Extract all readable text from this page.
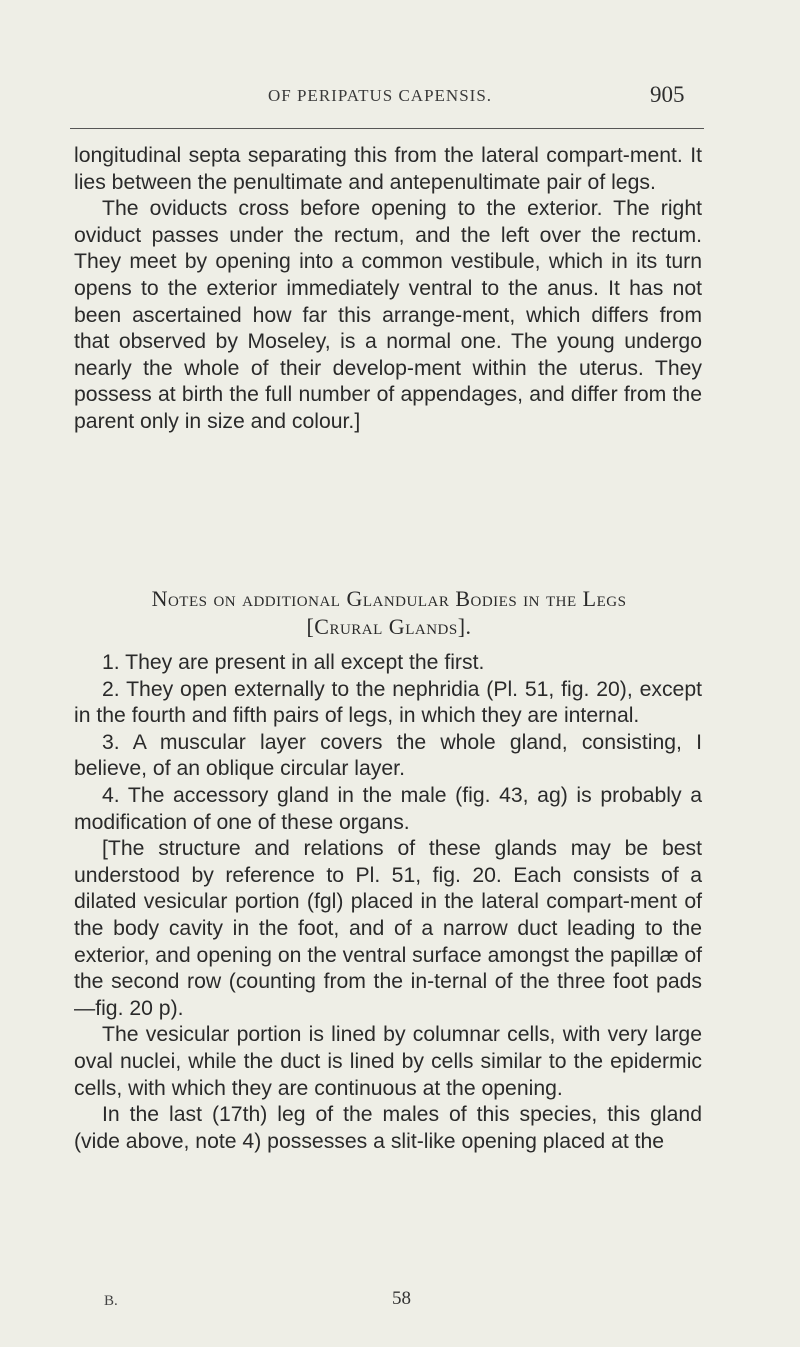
OF PERIPATUS CAPENSIS.	905

longitudinal septa separating this from the lateral compart-ment. It lies between the penultimate and antepenultimate pair of legs.

The oviducts cross before opening to the exterior. The right oviduct passes under the rectum, and the left over the rectum. They meet by opening into a common vestibule, which in its turn opens to the exterior immediately ventral to the anus. It has not been ascertained how far this arrange-ment, which differs from that observed by Moseley, is a normal one. The young undergo nearly the whole of their develop-ment within the uterus. They possess at birth the full number of appendages, and differ from the parent only in size and colour.]

Notes on additional Glandular Bodies in the Legs
[Crural Glands].

1. They are present in all except the first.

2. They open externally to the nephridia (Pl. 51, fig. 20), except in the fourth and fifth pairs of legs, in which they are internal.

3. A muscular layer covers the whole gland, consisting, I believe, of an oblique circular layer.

4. The accessory gland in the male (fig. 43, ag) is probably a modification of one of these organs.

[The structure and relations of these glands may be best understood by reference to Pl. 51, fig. 20. Each consists of a dilated vesicular portion (fgl) placed in the lateral compart-ment of the body cavity in the foot, and of a narrow duct leading to the exterior, and opening on the ventral surface amongst the papillæ of the second row (counting from the in-ternal of the three foot pads—fig. 20 p).

The vesicular portion is lined by columnar cells, with very large oval nuclei, while the duct is lined by cells similar to the epidermic cells, with which they are continuous at the opening.

In the last (17th) leg of the males of this species, this gland (vide above, note 4) possesses a slit-like opening placed at the

B.	58
